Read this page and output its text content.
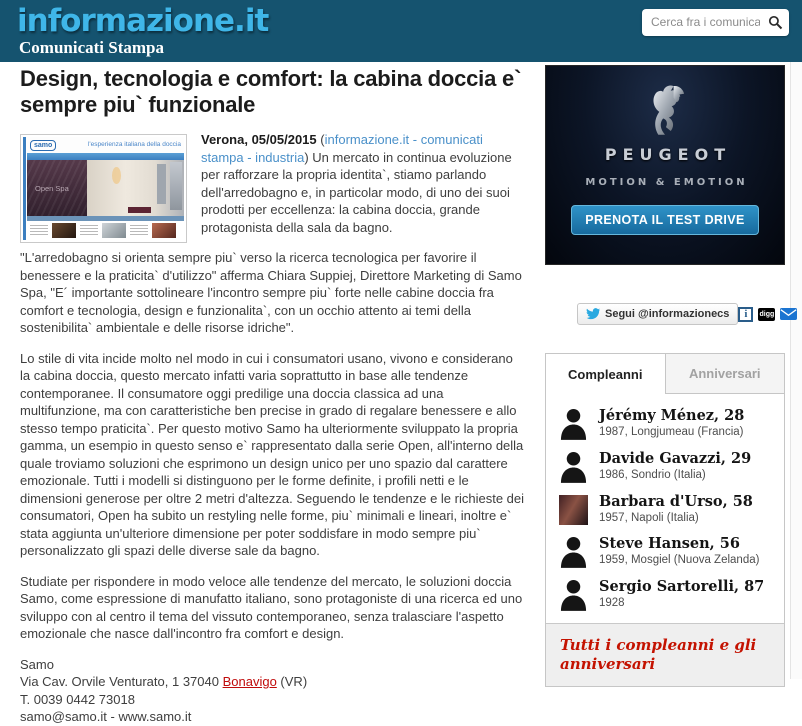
informazione.it
Comunicati Stampa
Cerca fra i comunicati
Design, tecnologia e comfort: la cabina doccia e` sempre piu` funzionale
samo	l'esperienza italiana della doccia
Open Spa

Verona, 05/05/2015 (informazione.it - comunicati stampa - industria) Un mercato in continua evoluzione per rafforzare la propria identita`, stiamo parlando dell'arredobagno e, in particolar modo, di uno dei suoi prodotti per eccellenza: la cabina doccia, grande protagonista della sala da bagno.

"L'arredobagno si orienta sempre piu` verso la ricerca tecnologica per favorire il benessere e la praticita` d'utilizzo" afferma Chiara Suppiej, Direttore Marketing di Samo Spa, "E´ importante sottolineare l'incontro sempre piu` forte nelle cabine doccia fra comfort e tecnologia, design e funzionalita`, con un occhio attento ai temi della sostenibilita` ambientale e delle risorse idriche".

Lo stile di vita incide molto nel modo in cui i consumatori usano, vivono e considerano la cabina doccia, questo mercato infatti varia soprattutto in base alle tendenze contemporanee. Il consumatore oggi predilige una doccia classica ad una multifunzione, ma con caratteristiche ben precise in grado di regalare benessere e allo stesso tempo praticita`. Per questo motivo Samo ha ulteriormente sviluppato la propria gamma, un esempio in questo senso e` rappresentato dalla serie Open, all'interno della quale troviamo soluzioni che esprimono un design unico per uno spazio dal carattere emozionale. Tutti i modelli si distinguono per le forme definite, i profili netti e le dimensioni generose per oltre 2 metri d'altezza. Seguendo le tendenze e le richieste dei consumatori, Open ha subito un restyling nelle forme, piu` minimali e lineari, inoltre e` stata aggiunta un'ulteriore dimensione per poter soddisfare in modo sempre piu` personalizzato gli spazi delle diverse sale da bagno.

Studiate per rispondere in modo veloce alle tendenze del mercato, le soluzioni doccia Samo, come espressione di manufatto italiano, sono protagoniste di una ricerca ed uno sviluppo con al centro il tema del vissuto contemporaneo, senza tralasciare l'aspetto emozionale che nasce dall'incontro fra comfort e design.

Samo
Via Cav. Orvile Venturato, 1 37040 Bonavigo (VR)
T. 0039 0442 73018
samo@samo.it - www.samo.it
PEUGEOT
MOTION & EMOTION
PRENOTA IL TEST DRIVE
Segui @informazionecs	i	digg
Compleanni	Anniversari
Jérémy Ménez, 28
1987, Longjumeau (Francia)
Davide Gavazzi, 29
1986, Sondrio (Italia)
Barbara d'Urso, 58
1957, Napoli (Italia)
Steve Hansen, 56
1959, Mosgiel (Nuova Zelanda)
Sergio Sartorelli, 87
1928
Tutti i compleanni e gli anniversari
